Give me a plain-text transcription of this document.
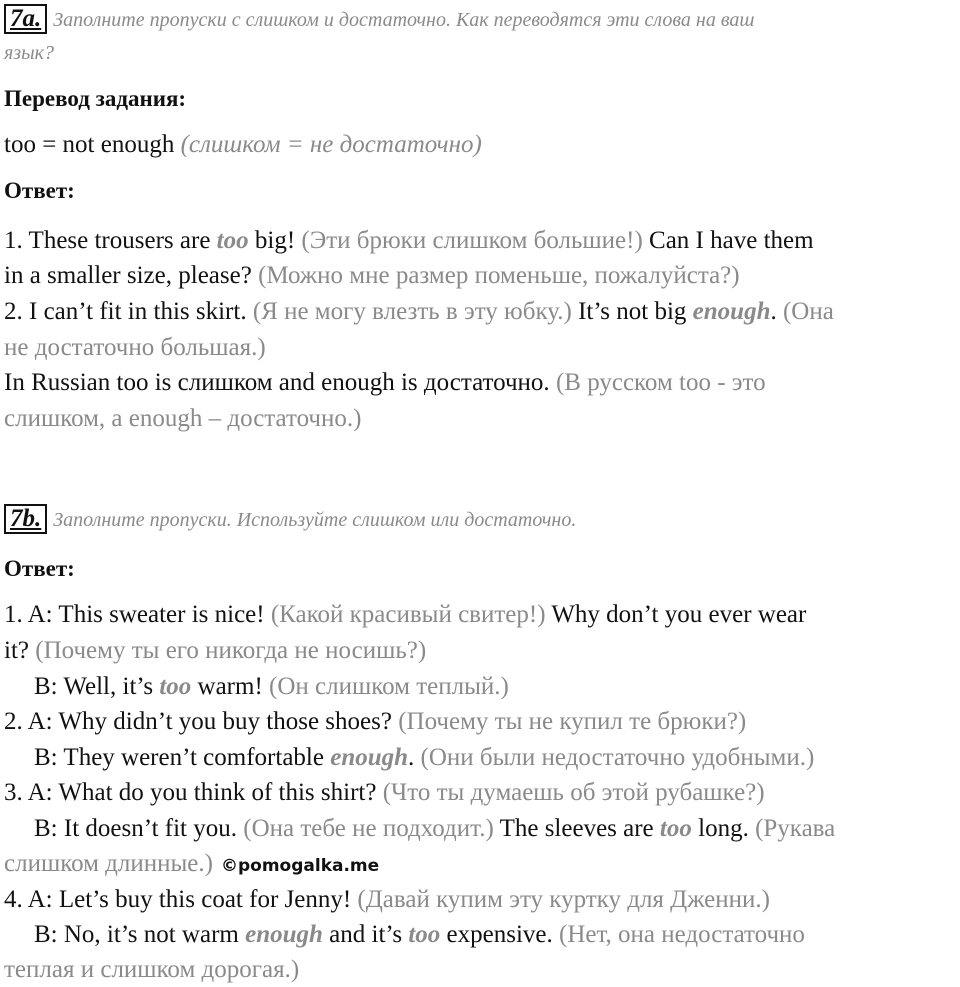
7a. Заполните пропуски с слишком и достаточно. Как переводятся эти слова на ваш
язык?
Перевод задания:
too = not enough (слишком = не достаточно)
Ответ:
1. These trousers are too big! (Эти брюки слишком большие!) Can I have them
in a smaller size, please? (Можно мне размер поменьше, пожалуйста?)
2. I can’t fit in this skirt. (Я не могу влезть в эту юбку.) It’s not big enough. (Она
не достаточно большая.)
In Russian too is слишком and enough is достаточно. (В русском too - это
слишком, а enough – достаточно.)
7b. Заполните пропуски. Используйте слишком или достаточно.
Ответ:
1. A: This sweater is nice! (Какой красивый свитер!) Why don’t you ever wear
it? (Почему ты его никогда не носишь?)
B: Well, it’s too warm! (Он слишком теплый.)
2. A: Why didn’t you buy those shoes? (Почему ты не купил те брюки?)
B: They weren’t comfortable enough. (Они были недостаточно удобными.)
3. A: What do you think of this shirt? (Что ты думаешь об этой рубашке?)
B: It doesn’t fit you. (Она тебе не подходит.) The sleeves are too long. (Рукава
слишком длинные.) ©pomogalka.me
4. A: Let’s buy this coat for Jenny! (Давай купим эту куртку для Дженни.)
B: No, it’s not warm enough and it’s too expensive. (Нет, она недостаточно
теплая и слишком дорогая.)
